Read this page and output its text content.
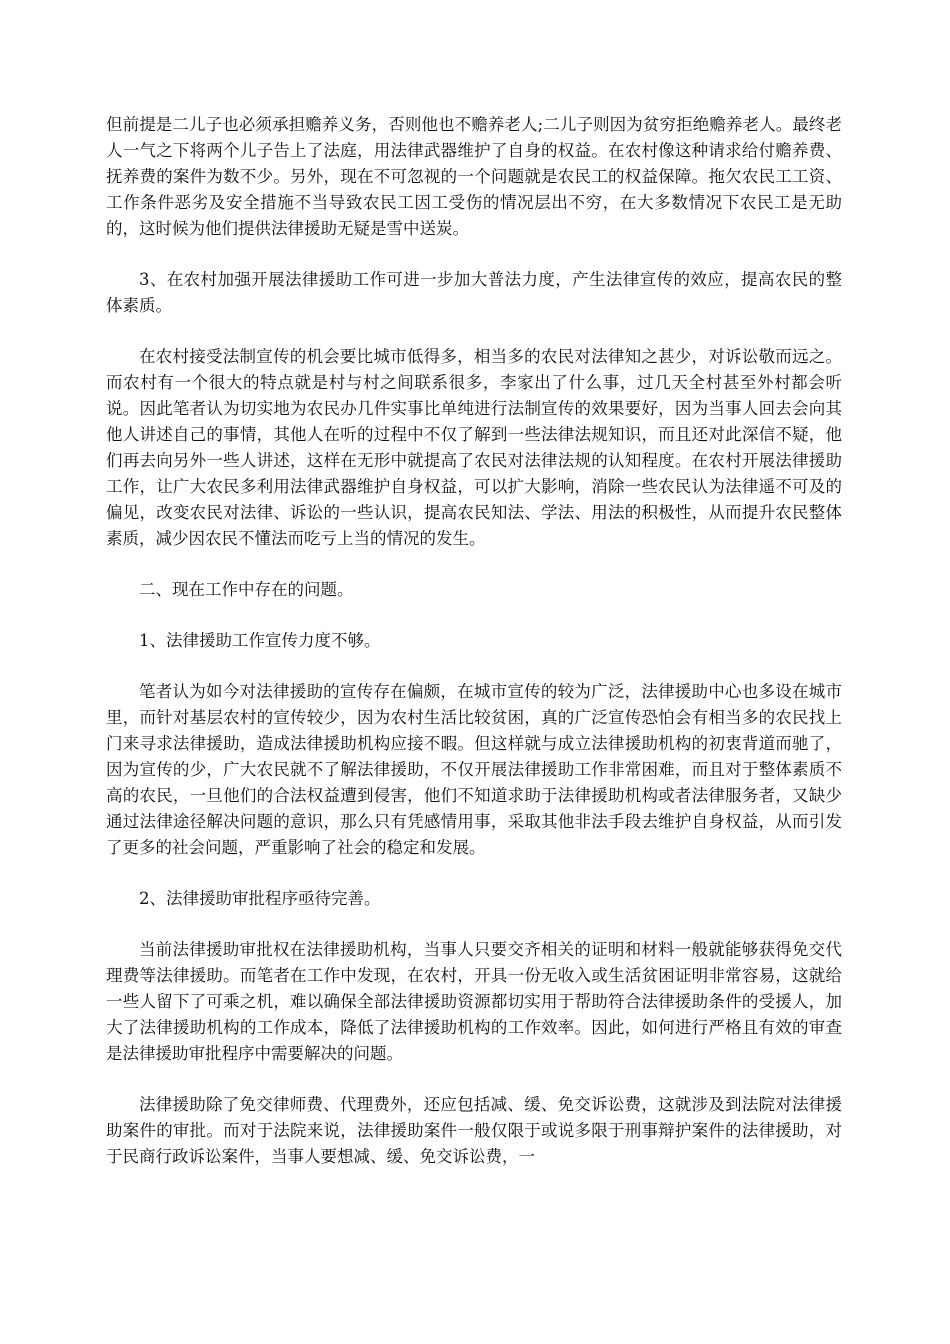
但前提是二儿子也必须承担赡养义务，否则他也不赡养老人;二儿子则因为贫穷拒绝赡养老人。最终老人一气之下将两个儿子告上了法庭，用法律武器维护了自身的权益。在农村像这种请求给付赡养费、抚养费的案件为数不少。另外，现在不可忽视的一个问题就是农民工的权益保障。拖欠农民工工资、工作条件恶劣及安全措施不当导致农民工因工受伤的情况层出不穷，在大多数情况下农民工是无助的，这时候为他们提供法律援助无疑是雪中送炭。

3、在农村加强开展法律援助工作可进一步加大普法力度，产生法律宣传的效应，提高农民的整体素质。

在农村接受法制宣传的机会要比城市低得多，相当多的农民对法律知之甚少，对诉讼敬而远之。而农村有一个很大的特点就是村与村之间联系很多，李家出了什么事，过几天全村甚至外村都会听说。因此笔者认为切实地为农民办几件实事比单纯进行法制宣传的效果要好，因为当事人回去会向其他人讲述自己的事情，其他人在听的过程中不仅了解到一些法律法规知识，而且还对此深信不疑，他们再去向另外一些人讲述，这样在无形中就提高了农民对法律法规的认知程度。在农村开展法律援助工作，让广大农民多利用法律武器维护自身权益，可以扩大影响，消除一些农民认为法律遥不可及的偏见，改变农民对法律、诉讼的一些认识，提高农民知法、学法、用法的积极性，从而提升农民整体素质，减少因农民不懂法而吃亏上当的情况的发生。

二、现在工作中存在的问题。

1、法律援助工作宣传力度不够。

笔者认为如今对法律援助的宣传存在偏颇，在城市宣传的较为广泛，法律援助中心也多设在城市里，而针对基层农村的宣传较少，因为农村生活比较贫困，真的广泛宣传恐怕会有相当多的农民找上门来寻求法律援助，造成法律援助机构应接不暇。但这样就与成立法律援助机构的初衷背道而驰了，因为宣传的少，广大农民就不了解法律援助，不仅开展法律援助工作非常困难，而且对于整体素质不高的农民，一旦他们的合法权益遭到侵害，他们不知道求助于法律援助机构或者法律服务者，又缺少通过法律途径解决问题的意识，那么只有凭感情用事，采取其他非法手段去维护自身权益，从而引发了更多的社会问题，严重影响了社会的稳定和发展。

2、法律援助审批程序亟待完善。

当前法律援助审批权在法律援助机构，当事人只要交齐相关的证明和材料一般就能够获得免交代理费等法律援助。而笔者在工作中发现，在农村，开具一份无收入或生活贫困证明非常容易，这就给一些人留下了可乘之机，难以确保全部法律援助资源都切实用于帮助符合法律援助条件的受援人，加大了法律援助机构的工作成本，降低了法律援助机构的工作效率。因此，如何进行严格且有效的审查是法律援助审批程序中需要解决的问题。

法律援助除了免交律师费、代理费外，还应包括减、缓、免交诉讼费，这就涉及到法院对法律援助案件的审批。而对于法院来说，法律援助案件一般仅限于或说多限于刑事辩护案件的法律援助，对于民商行政诉讼案件，当事人要想减、缓、免交诉讼费，一
